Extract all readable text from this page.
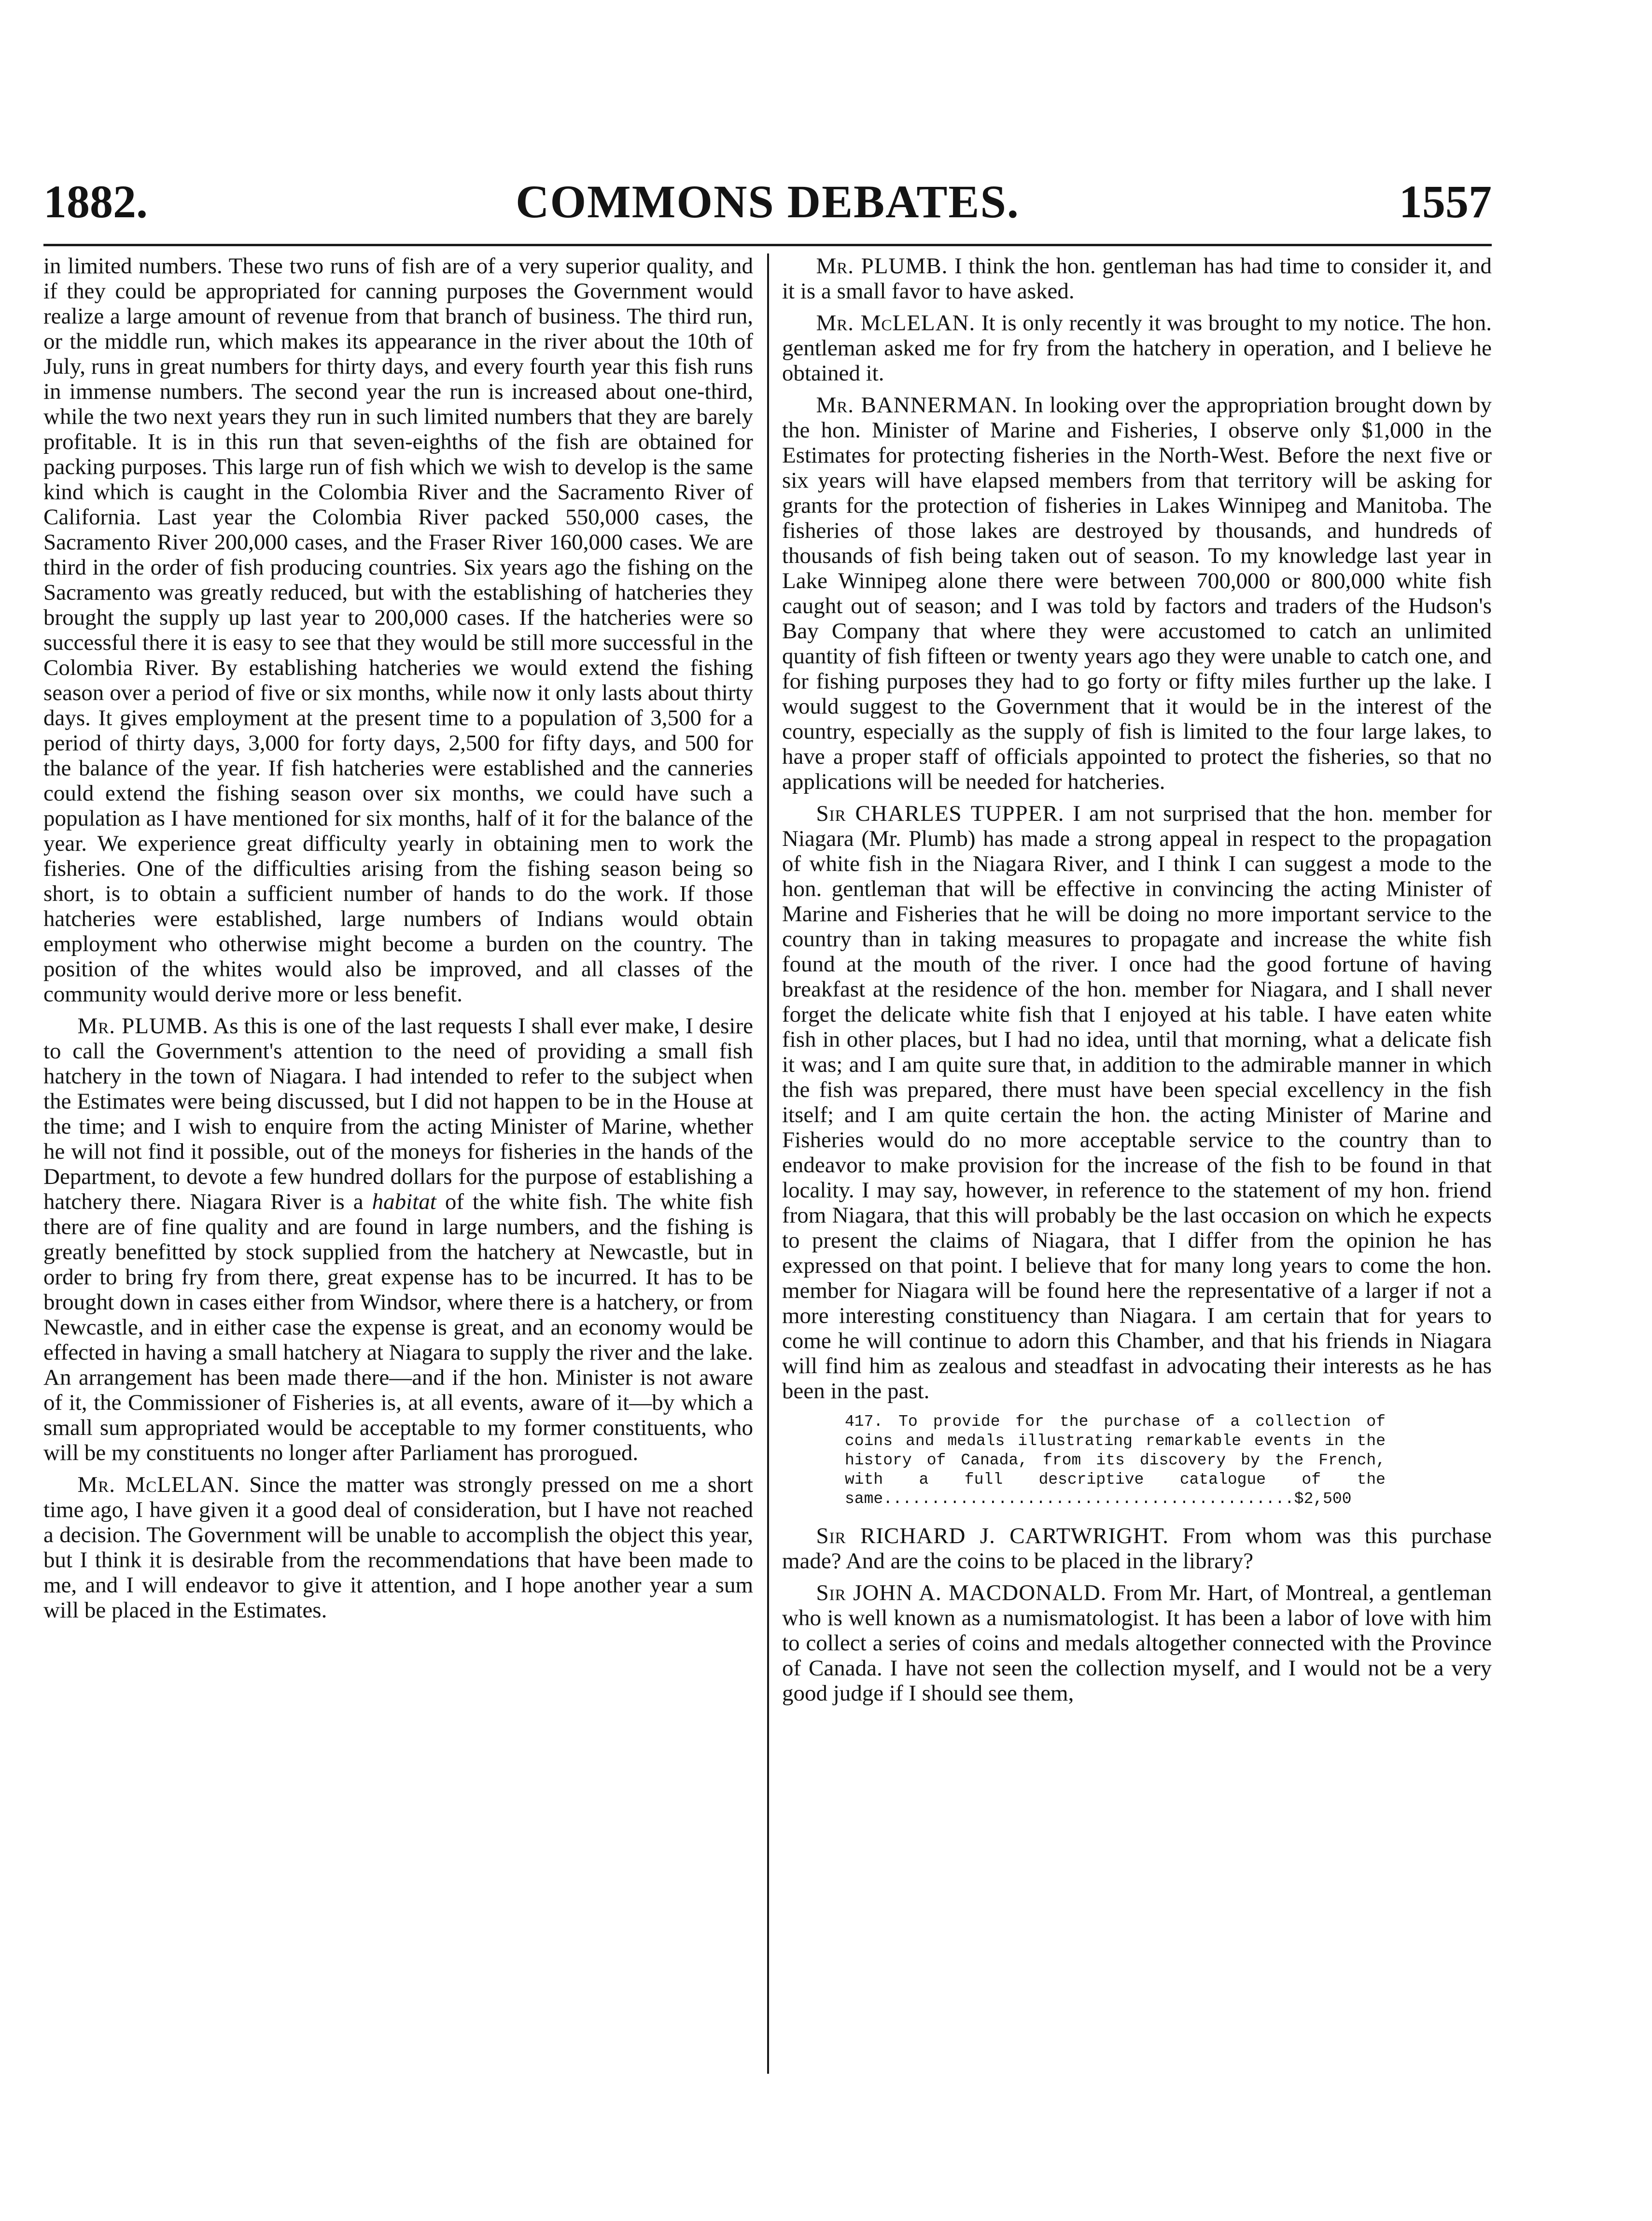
1882.	COMMONS DEBATES.	1557

in limited numbers. These two runs of fish are of a very superior quality, and if they could be appropriated for canning purposes the Government would realize a large amount of revenue from that branch of business. The third run, or the middle run, which makes its appearance in the river about the 10th of July, runs in great numbers for thirty days, and every fourth year this fish runs in immense numbers. The second year the run is increased about one-third, while the two next years they run in such limited numbers that they are barely profitable. It is in this run that seven-eighths of the fish are obtained for packing purposes. This large run of fish which we wish to develop is the same kind which is caught in the Colombia River and the Sacramento River of California. Last year the Colombia River packed 550,000 cases, the Sacramento River 200,000 cases, and the Fraser River 160,000 cases. We are third in the order of fish producing countries. Six years ago the fishing on the Sacramento was greatly reduced, but with the establishing of hatcheries they brought the supply up last year to 200,000 cases. If the hatcheries were so successful there it is easy to see that they would be still more successful in the Colombia River. By establishing hatcheries we would extend the fishing season over a period of five or six months, while now it only lasts about thirty days. It gives employment at the present time to a population of 3,500 for a period of thirty days, 3,000 for forty days, 2,500 for fifty days, and 500 for the balance of the year. If fish hatcheries were established and the canneries could extend the fishing season over six months, we could have such a population as I have mentioned for six months, half of it for the balance of the year. We experience great difficulty yearly in obtaining men to work the fisheries. One of the difficulties arising from the fishing season being so short, is to obtain a sufficient number of hands to do the work. If those hatcheries were established, large numbers of Indians would obtain employment who otherwise might become a burden on the country. The position of the whites would also be improved, and all classes of the community would derive more or less benefit.

Mr. PLUMB. As this is one of the last requests I shall ever make, I desire to call the Government's attention to the need of providing a small fish hatchery in the town of Niagara. I had intended to refer to the subject when the Estimates were being discussed, but I did not happen to be in the House at the time; and I wish to enquire from the acting Minister of Marine, whether he will not find it possible, out of the moneys for fisheries in the hands of the Department, to devote a few hundred dollars for the purpose of establishing a hatchery there. Niagara River is a habitat of the white fish. The white fish there are of fine quality and are found in large numbers, and the fishing is greatly benefitted by stock supplied from the hatchery at Newcastle, but in order to bring fry from there, great expense has to be incurred. It has to be brought down in cases either from Windsor, where there is a hatchery, or from Newcastle, and in either case the expense is great, and an economy would be effected in having a small hatchery at Niagara to supply the river and the lake. An arrangement has been made there—and if the hon. Minister is not aware of it, the Commissioner of Fisheries is, at all events, aware of it—by which a small sum appropriated would be acceptable to my former constituents, who will be my constituents no longer after Parliament has prorogued.

Mr. McLELAN. Since the matter was strongly pressed on me a short time ago, I have given it a good deal of consideration, but I have not reached a decision. The Government will be unable to accomplish the object this year, but I think it is desirable from the recommendations that have been made to me, and I will endeavor to give it attention, and I hope another year a sum will be placed in the Estimates.

Mr. PLUMB. I think the hon. gentleman has had time to consider it, and it is a small favor to have asked.

Mr. McLELAN. It is only recently it was brought to my notice. The hon. gentleman asked me for fry from the hatchery in operation, and I believe he obtained it.

Mr. BANNERMAN. In looking over the appropriation brought down by the hon. Minister of Marine and Fisheries, I observe only $1,000 in the Estimates for protecting fisheries in the North-West. Before the next five or six years will have elapsed members from that territory will be asking for grants for the protection of fisheries in Lakes Winnipeg and Manitoba. The fisheries of those lakes are destroyed by thousands, and hundreds of thousands of fish being taken out of season. To my knowledge last year in Lake Winnipeg alone there were between 700,000 or 800,000 white fish caught out of season; and I was told by factors and traders of the Hudson's Bay Company that where they were accustomed to catch an unlimited quantity of fish fifteen or twenty years ago they were unable to catch one, and for fishing purposes they had to go forty or fifty miles further up the lake. I would suggest to the Government that it would be in the interest of the country, especially as the supply of fish is limited to the four large lakes, to have a proper staff of officials appointed to protect the fisheries, so that no applications will be needed for hatcheries.

Sir CHARLES TUPPER. I am not surprised that the hon. member for Niagara (Mr. Plumb) has made a strong appeal in respect to the propagation of white fish in the Niagara River, and I think I can suggest a mode to the hon. gentleman that will be effective in convincing the acting Minister of Marine and Fisheries that he will be doing no more important service to the country than in taking measures to propagate and increase the white fish found at the mouth of the river. I once had the good fortune of having breakfast at the residence of the hon. member for Niagara, and I shall never forget the delicate white fish that I enjoyed at his table. I have eaten white fish in other places, but I had no idea, until that morning, what a delicate fish it was; and I am quite sure that, in addition to the admirable manner in which the fish was prepared, there must have been special excellency in the fish itself; and I am quite certain the hon. the acting Minister of Marine and Fisheries would do no more acceptable service to the country than to endeavor to make provision for the increase of the fish to be found in that locality. I may say, however, in reference to the statement of my hon. friend from Niagara, that this will probably be the last occasion on which he expects to present the claims of Niagara, that I differ from the opinion he has expressed on that point. I believe that for many long years to come the hon. member for Niagara will be found here the representative of a larger if not a more interesting constituency than Niagara. I am certain that for years to come he will continue to adorn this Chamber, and that his friends in Niagara will find him as zealous and steadfast in advocating their interests as he has been in the past.

417. To provide for the purchase of a collection of coins and medals illustrating remarkable events in the history of Canada, from its discovery by the French, with a full descriptive catalogue of the same...........................................$2,500

Sir RICHARD J. CARTWRIGHT. From whom was this purchase made? And are the coins to be placed in the library?

Sir JOHN A. MACDONALD. From Mr. Hart, of Montreal, a gentleman who is well known as a numismatologist. It has been a labor of love with him to collect a series of coins and medals altogether connected with the Province of Canada. I have not seen the collection myself, and I would not be a very good judge if I should see them,
